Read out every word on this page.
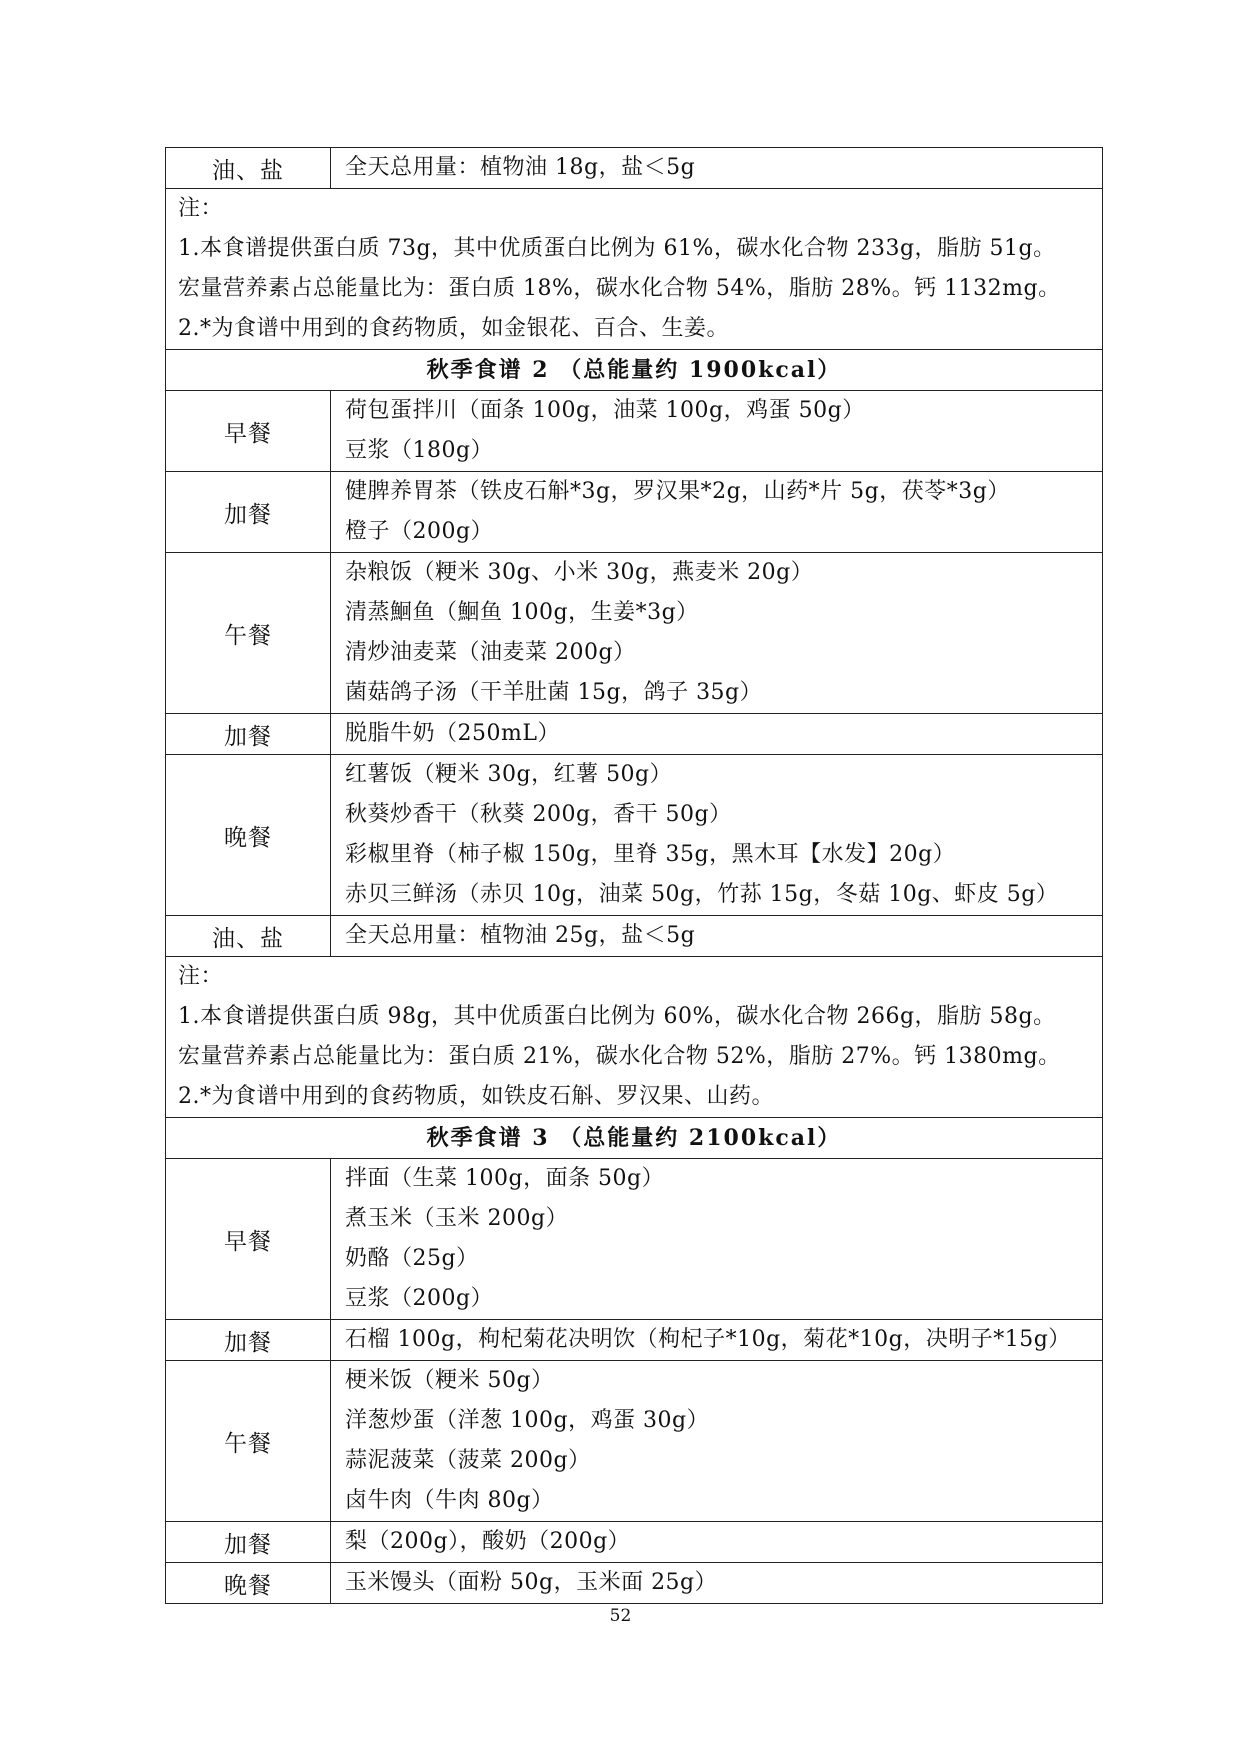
油、盐	全天总用量：植物油 18g，盐＜5g

注：
1.本食谱提供蛋白质 73g，其中优质蛋白比例为 61%，碳水化合物 233g，脂肪 51g。
宏量营养素占总能量比为：蛋白质 18%，碳水化合物 54%，脂肪 28%。钙 1132mg。
2.*为食谱中用到的食药物质，如金银花、百合、生姜。	

秋季食谱 2 （总能量约 1900kcal）	
早餐	荷包蛋拌川（面条 100g，油菜 100g，鸡蛋 50g）
豆浆（180g）

加餐	健脾养胃茶（铁皮石斛*3g，罗汉果*2g，山药*片 5g，茯苓*3g）
橙子（200g）

午餐	杂粮饭（粳米 30g、小米 30g，燕麦米 20g）
清蒸鮰鱼（鮰鱼 100g，生姜*3g）
清炒油麦菜（油麦菜 200g）
菌菇鸽子汤（干羊肚菌 15g，鸽子 35g）

加餐	脱脂牛奶（250mL）

晚餐	红薯饭（粳米 30g，红薯 50g）
秋葵炒香干（秋葵 200g，香干 50g）
彩椒里脊（柿子椒 150g，里脊 35g，黑木耳【水发】20g）
赤贝三鲜汤（赤贝 10g，油菜 50g，竹荪 15g，冬菇 10g、虾皮 5g）

油、盐	全天总用量：植物油 25g，盐＜5g

注：
1.本食谱提供蛋白质 98g，其中优质蛋白比例为 60%，碳水化合物 266g，脂肪 58g。
宏量营养素占总能量比为：蛋白质 21%，碳水化合物 52%，脂肪 27%。钙 1380mg。
2.*为食谱中用到的食药物质，如铁皮石斛、罗汉果、山药。	

秋季食谱 3 （总能量约 2100kcal）	
早餐	拌面（生菜 100g，面条 50g）
煮玉米（玉米 200g）
奶酪（25g）
豆浆（200g）

加餐	石榴 100g，枸杞菊花决明饮（枸杞子*10g，菊花*10g，决明子*15g）

午餐	梗米饭（粳米 50g）
洋葱炒蛋（洋葱 100g，鸡蛋 30g）
蒜泥菠菜（菠菜 200g）
卤牛肉（牛肉 80g）

加餐	梨（200g），酸奶（200g）

晚餐	玉米馒头（面粉 50g，玉米面 25g）
52
